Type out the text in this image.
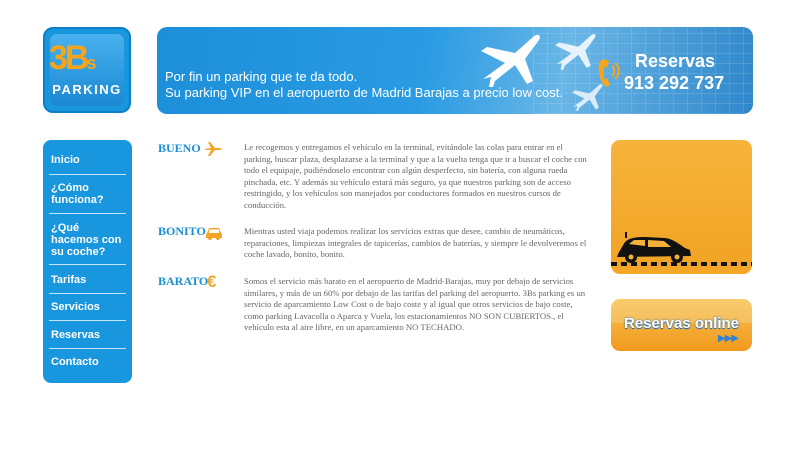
3Bs
PARKING
Por fin un parking que te da todo.
Su parking VIP en el aeropuerto de Madrid Barajas a precio low cost.
Reservas
913 292 737
Inicio
¿Cómo funciona?
¿Qué hacemos con su coche?
Tarifas
Servicios
Reservas
Contacto
BUENO	Le recogemos y entregamos el vehículo en la terminal, evitándole las colas para entrar en el parking, buscar plaza, desplazarse a la terminal y que a la vuelta tenga que ir a buscar el coche con todo el equipaje, pudiéndoselo encontrar con algún desperfecto, sin batería, con alguna rueda pinchada, etc. Y además su vehículo estará más seguro, ya que nuestros parking son de acceso restringido, y los vehículos son manejados por conductores formados en nuestros cursos de conducción.
BONITO	Mientras usted viaja podemos realizar los servicios extras que desee, cambio de neumáticos, reparaciones, limpiezas integrales de tapicerías, cambios de baterías, y siempre le devolveremos el coche lavado, bonito, bonito.
BARATO
€	Somos el servicio más barato en el aeropuerto de Madrid-Barajas, muy por debajo de servicios similares, y más de un 60% por debajo de las tarifas del parking del aeropuerto. 3Bs parking es un servicio de aparcamiento Low Cost o de bajo coste y al igual que otros servicios de bajo coste, como parking Lavacolla o Aparca y Vuela, los estacionamientos NO SON CUBIERTOS., el vehículo esta al aire libre, en un aparcamiento NO TECHADO.	Reservas online
▶▶▶
